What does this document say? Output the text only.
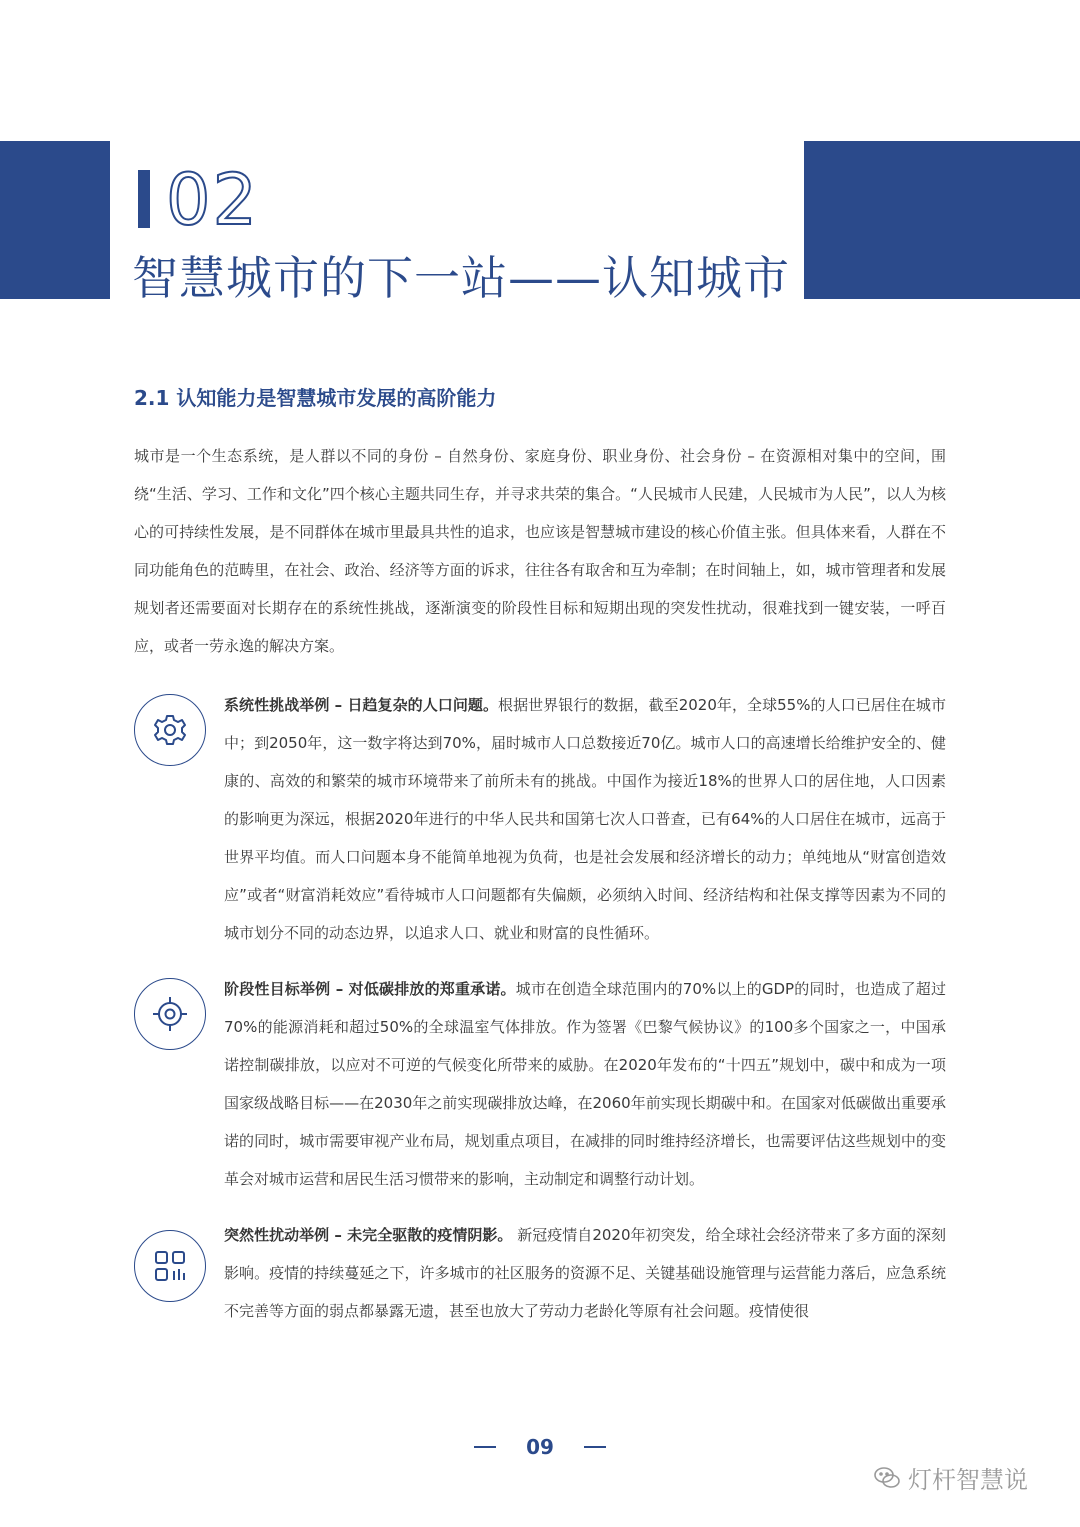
02
智慧城市的下一站——认知城市
2.1 认知能力是智慧城市发展的高阶能力

城市是一个生态系统，是人群以不同的身份 – 自然身份、家庭身份、职业身份、社会身份 – 在资源相对集中的空间，围绕“生活、学习、工作和文化”四个核心主题共同生存，并寻求共荣的集合。“人民城市人民建，人民城市为人民”，以人为核心的可持续性发展，是不同群体在城市里最具共性的追求，也应该是智慧城市建设的核心价值主张。但具体来看，人群在不同功能角色的范畴里，在社会、政治、经济等方面的诉求，往往各有取舍和互为牵制；在时间轴上，如，城市管理者和发展规划者还需要面对长期存在的系统性挑战，逐渐演变的阶段性目标和短期出现的突发性扰动，很难找到一键安装，一呼百应，或者一劳永逸的解决方案。

系统性挑战举例 – 日趋复杂的人口问题。根据世界银行的数据，截至2020年，全球55%的人口已居住在城市中；到2050年，这一数字将达到70%，届时城市人口总数接近70亿。城市人口的高速增长给维护安全的、健康的、高效的和繁荣的城市环境带来了前所未有的挑战。中国作为接近18%的世界人口的居住地，人口因素的影响更为深远，根据2020年进行的中华人民共和国第七次人口普查，已有64%的人口居住在城市，远高于世界平均值。而人口问题本身不能简单地视为负荷，也是社会发展和经济增长的动力；单纯地从“财富创造效应”或者“财富消耗效应”看待城市人口问题都有失偏颇，必须纳入时间、经济结构和社保支撑等因素为不同的城市划分不同的动态边界，以追求人口、就业和财富的良性循环。

阶段性目标举例 – 对低碳排放的郑重承诺。城市在创造全球范围内的70%以上的GDP的同时，也造成了超过70%的能源消耗和超过50%的全球温室气体排放。作为签署《巴黎气候协议》的100多个国家之一，中国承诺控制碳排放，以应对不可逆的气候变化所带来的威胁。在2020年发布的“十四五”规划中，碳中和成为一项国家级战略目标——在2030年之前实现碳排放达峰，在2060年前实现长期碳中和。在国家对低碳做出重要承诺的同时，城市需要审视产业布局，规划重点项目，在减排的同时维持经济增长，也需要评估这些规划中的变革会对城市运营和居民生活习惯带来的影响，主动制定和调整行动计划。

突然性扰动举例 – 未完全驱散的疫情阴影。 新冠疫情自2020年初突发，给全球社会经济带来了多方面的深刻影响。疫情的持续蔓延之下，许多城市的社区服务的资源不足、关键基础设施管理与运营能力落后，应急系统不完善等方面的弱点都暴露无遗，甚至也放大了劳动力老龄化等原有社会问题。疫情使很

09
灯杆智慧说
